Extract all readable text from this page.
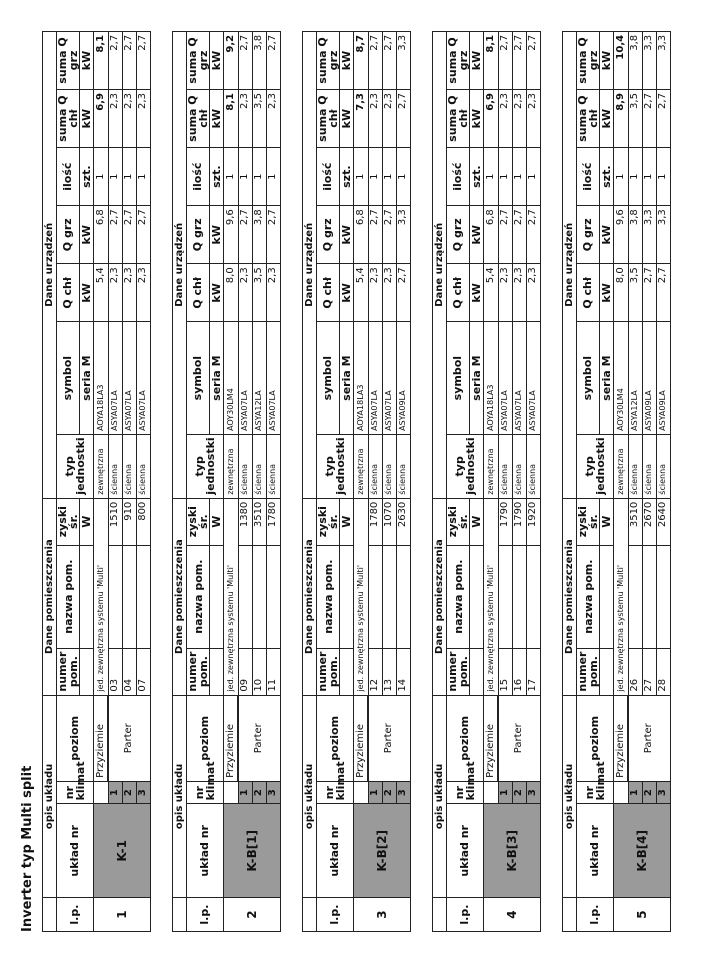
Inverter typ Multi split
	opis układu			Dane pomieszczenia			Dane urządzeń						
l.p.	układ nr	nr klimat	poziom	numer pom.	nazwa pom.	zyski śr.	typ jednostki	symbol	Q chł	Q grz	ilość	suma Q chł	suma Q grz
						W		seria M	kW	kW	szt.	kW	kW
1	K-1		Przyziemie	jed. zewnętrzna systemu 'Multi'			zewnętrzna	AOYA18LA3	5,4	6,8	1	6,9	8,1
		1	Parter	03		1510	ścienna	ASYA07LA	2,3	2,7	1	2,3	2,7
		2		04		910	ścienna	ASYA07LA	2,3	2,7	1	2,3	2,7
		3		07		800	ścienna	ASYA07LA	2,3	2,7	1	2,3	2,7
	opis układu			Dane pomieszczenia			Dane urządzeń						
l.p.	układ nr	nr klimat	poziom	numer pom.	nazwa pom.	zyski śr.	typ jednostki	symbol	Q chł	Q grz	ilość	suma Q chł	suma Q grz
						W		seria M	kW	kW	szt.	kW	kW
2	K-B[1]		Przyziemie	jed. zewnętrzna systemu 'Multi'			zewnętrzna	AOY30LM4	8,0	9,6	1	8,1	9,2
		1	Parter	09		1380	ścienna	ASYA07LA	2,3	2,7	1	2,3	2,7
		2		10		3510	ścienna	ASYA12LA	3,5	3,8	1	3,5	3,8
		3		11		1780	ścienna	ASYA07LA	2,3	2,7	1	2,3	2,7
	opis układu			Dane pomieszczenia			Dane urządzeń						
l.p.	układ nr	nr klimat	poziom	numer pom.	nazwa pom.	zyski śr.	typ jednostki	symbol	Q chł	Q grz	ilość	suma Q chł	suma Q grz
						W		seria M	kW	kW	szt.	kW	kW
3	K-B[2]		Przyziemie	jed. zewnętrzna systemu 'Multi'			zewnętrzna	AOYA18LA3	5,4	6,8	1	7,3	8,7
		1	Parter	12		1780	ścienna	ASYA07LA	2,3	2,7	1	2,3	2,7
		2		13		1070	ścienna	ASYA07LA	2,3	2,7	1	2,3	2,7
		3		14		2630	ścienna	ASYA09LA	2,7	3,3	1	2,7	3,3
	opis układu			Dane pomieszczenia			Dane urządzeń						
l.p.	układ nr	nr klimat	poziom	numer pom.	nazwa pom.	zyski śr.	typ jednostki	symbol	Q chł	Q grz	ilość	suma Q chł	suma Q grz
						W		seria M	kW	kW	szt.	kW	kW
4	K-B[3]		Przyziemie	jed. zewnętrzna systemu 'Multi'			zewnętrzna	AOYA18LA3	5,4	6,8	1	6,9	8,1
		1	Parter	15		1790	ścienna	ASYA07LA	2,3	2,7	1	2,3	2,7
		2		16		1790	ścienna	ASYA07LA	2,3	2,7	1	2,3	2,7
		3		17		1920	ścienna	ASYA07LA	2,3	2,7	1	2,3	2,7
	opis układu			Dane pomieszczenia			Dane urządzeń						
l.p.	układ nr	nr klimat	poziom	numer pom.	nazwa pom.	zyski śr.	typ jednostki	symbol	Q chł	Q grz	ilość	suma Q chł	suma Q grz
						W		seria M	kW	kW	szt.	kW	kW
5	K-B[4]		Przyziemie	jed. zewnętrzna systemu 'Multi'			zewnętrzna	AOY30LM4	8,0	9,6	1	8,9	10,4
		1	Parter	26		3510	ścienna	ASYA12LA	3,5	3,8	1	3,5	3,8
		2		27		2670	ścienna	ASYA09LA	2,7	3,3	1	2,7	3,3
		3		28		2640	ścienna	ASYA09LA	2,7	3,3	1	2,7	3,3
